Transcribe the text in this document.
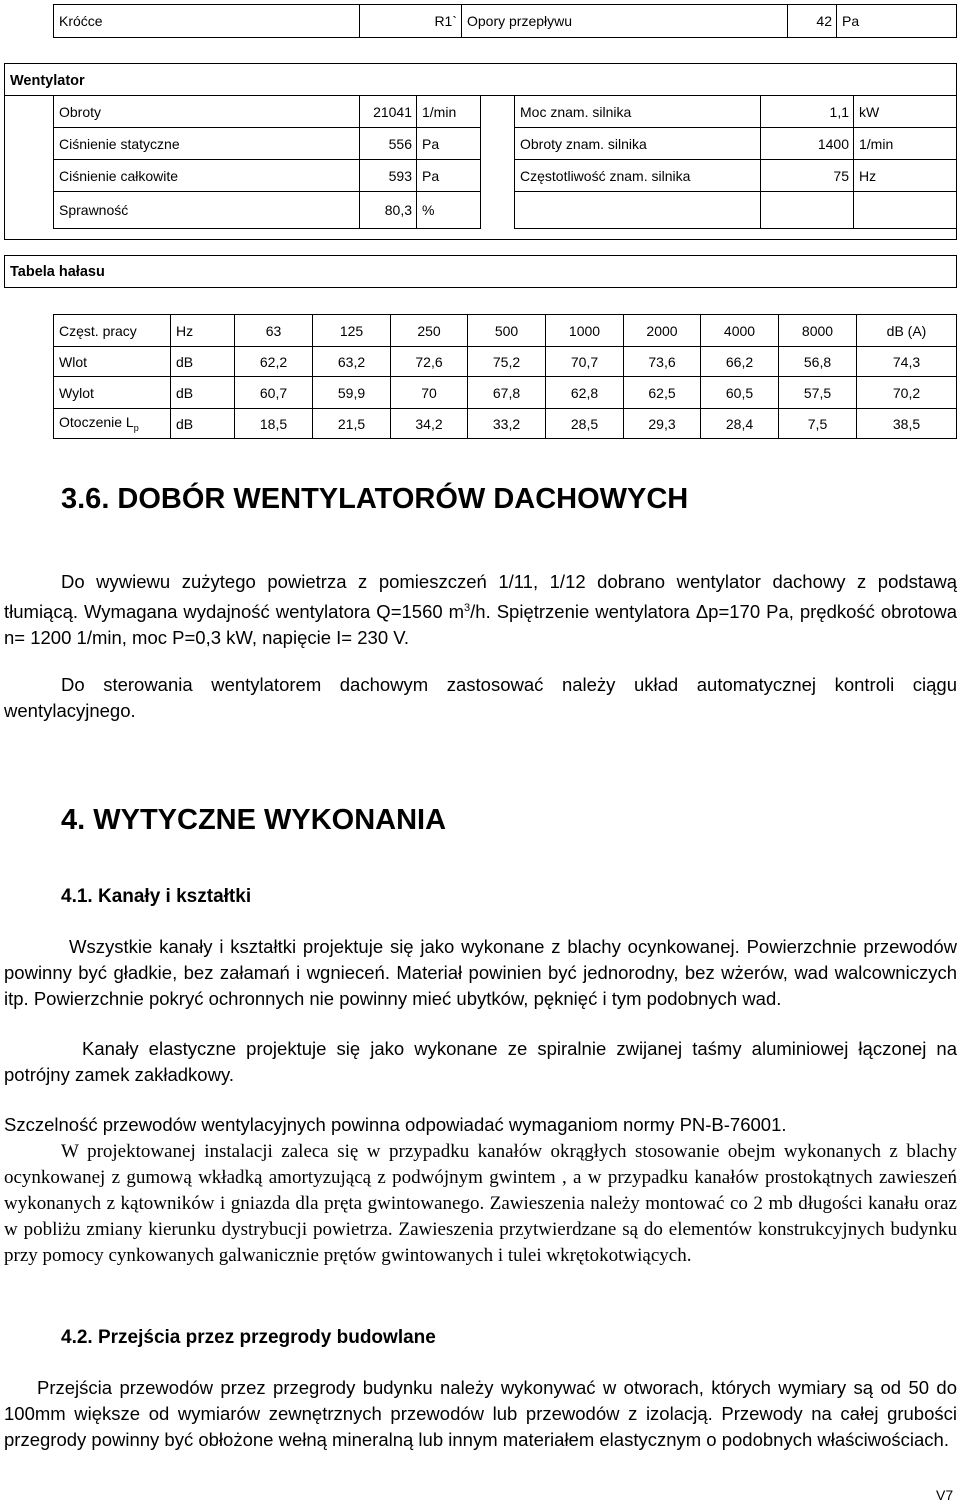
Króćce	R1`	Opory przepływu	42	Pa
Wentylator
Obroty	21041	1/min		Moc znam. silnika	1,1	kW
Ciśnienie statyczne	556	Pa		Obroty znam. silnika	1400	1/min
Ciśnienie całkowite	593	Pa		Częstotliwość znam. silnika	75	Hz
Sprawność	80,3	%				
Tabela hałasu
Częst. pracy	Hz	63	125	250	500	1000	2000	4000	8000	dB (A)
Wlot	dB	62,2	63,2	72,6	75,2	70,7	73,6	66,2	56,8	74,3
Wylot	dB	60,7	59,9	70	67,8	62,8	62,5	60,5	57,5	70,2
Otoczenie $L_p$	dB	18,5	21,5	34,2	33,2	28,5	29,3	28,4	7,5	38,5
3.6. DOBÓR WENTYLATORÓW DACHOWYCH
Do wywiewu zużytego powietrza z pomieszczeń 1/11, 1/12 dobrano wentylator dachowy z podstawą tłumiącą. Wymagana wydajność wentylatora Q=1560 $m^3/h$. Spiętrzenie wentylatora Δp=170 Pa, prędkość obrotowa n= 1200 1/min, moc P=0,3 kW, napięcie I= 230 V.
Do sterowania wentylatorem dachowym zastosować należy układ automatycznej kontroli ciągu wentylacyjnego.
4. WYTYCZNE WYKONANIA
4.1. Kanały i kształtki
Wszystkie kanały i kształtki projektuje się jako wykonane z blachy ocynkowanej. Powierzchnie przewodów powinny być gładkie, bez załamań i wgnieceń. Materiał powinien być jednorodny, bez wżerów, wad walcowniczych itp. Powierzchnie pokryć ochronnych nie powinny mieć ubytków, pęknięć i tym podobnych wad.
Kanały elastyczne projektuje się jako wykonane ze spiralnie zwijanej taśmy aluminiowej łączonej na potrójny zamek zakładkowy.
Szczelność przewodów wentylacyjnych powinna odpowiadać wymaganiom normy PN-B-76001.
W projektowanej instalacji zaleca się w przypadku kanałów okrągłych stosowanie obejm wykonanych z blachy ocynkowanej z gumową wkładką amortyzującą z podwójnym gwintem , a w przypadku kanałów prostokątnych zawieszeń wykonanych z kątowników i gniazda dla pręta gwintowanego. Zawieszenia należy montować co 2 mb długości kanału oraz w pobliżu zmiany kierunku dystrybucji powietrza. Zawieszenia przytwierdzane są do elementów konstrukcyjnych budynku przy pomocy cynkowanych galwanicznie prętów gwintowanych i tulei wkrętokotwiących.
4.2. Przejścia przez przegrody budowlane
Przejścia przewodów przez przegrody budynku należy wykonywać w otworach, których wymiary są od 50 do 100mm większe od wymiarów zewnętrznych przewodów lub przewodów z izolacją. Przewody na całej grubości przegrody powinny być obłożone wełną mineralną lub innym materiałem elastycznym o podobnych właściwościach.
V7
